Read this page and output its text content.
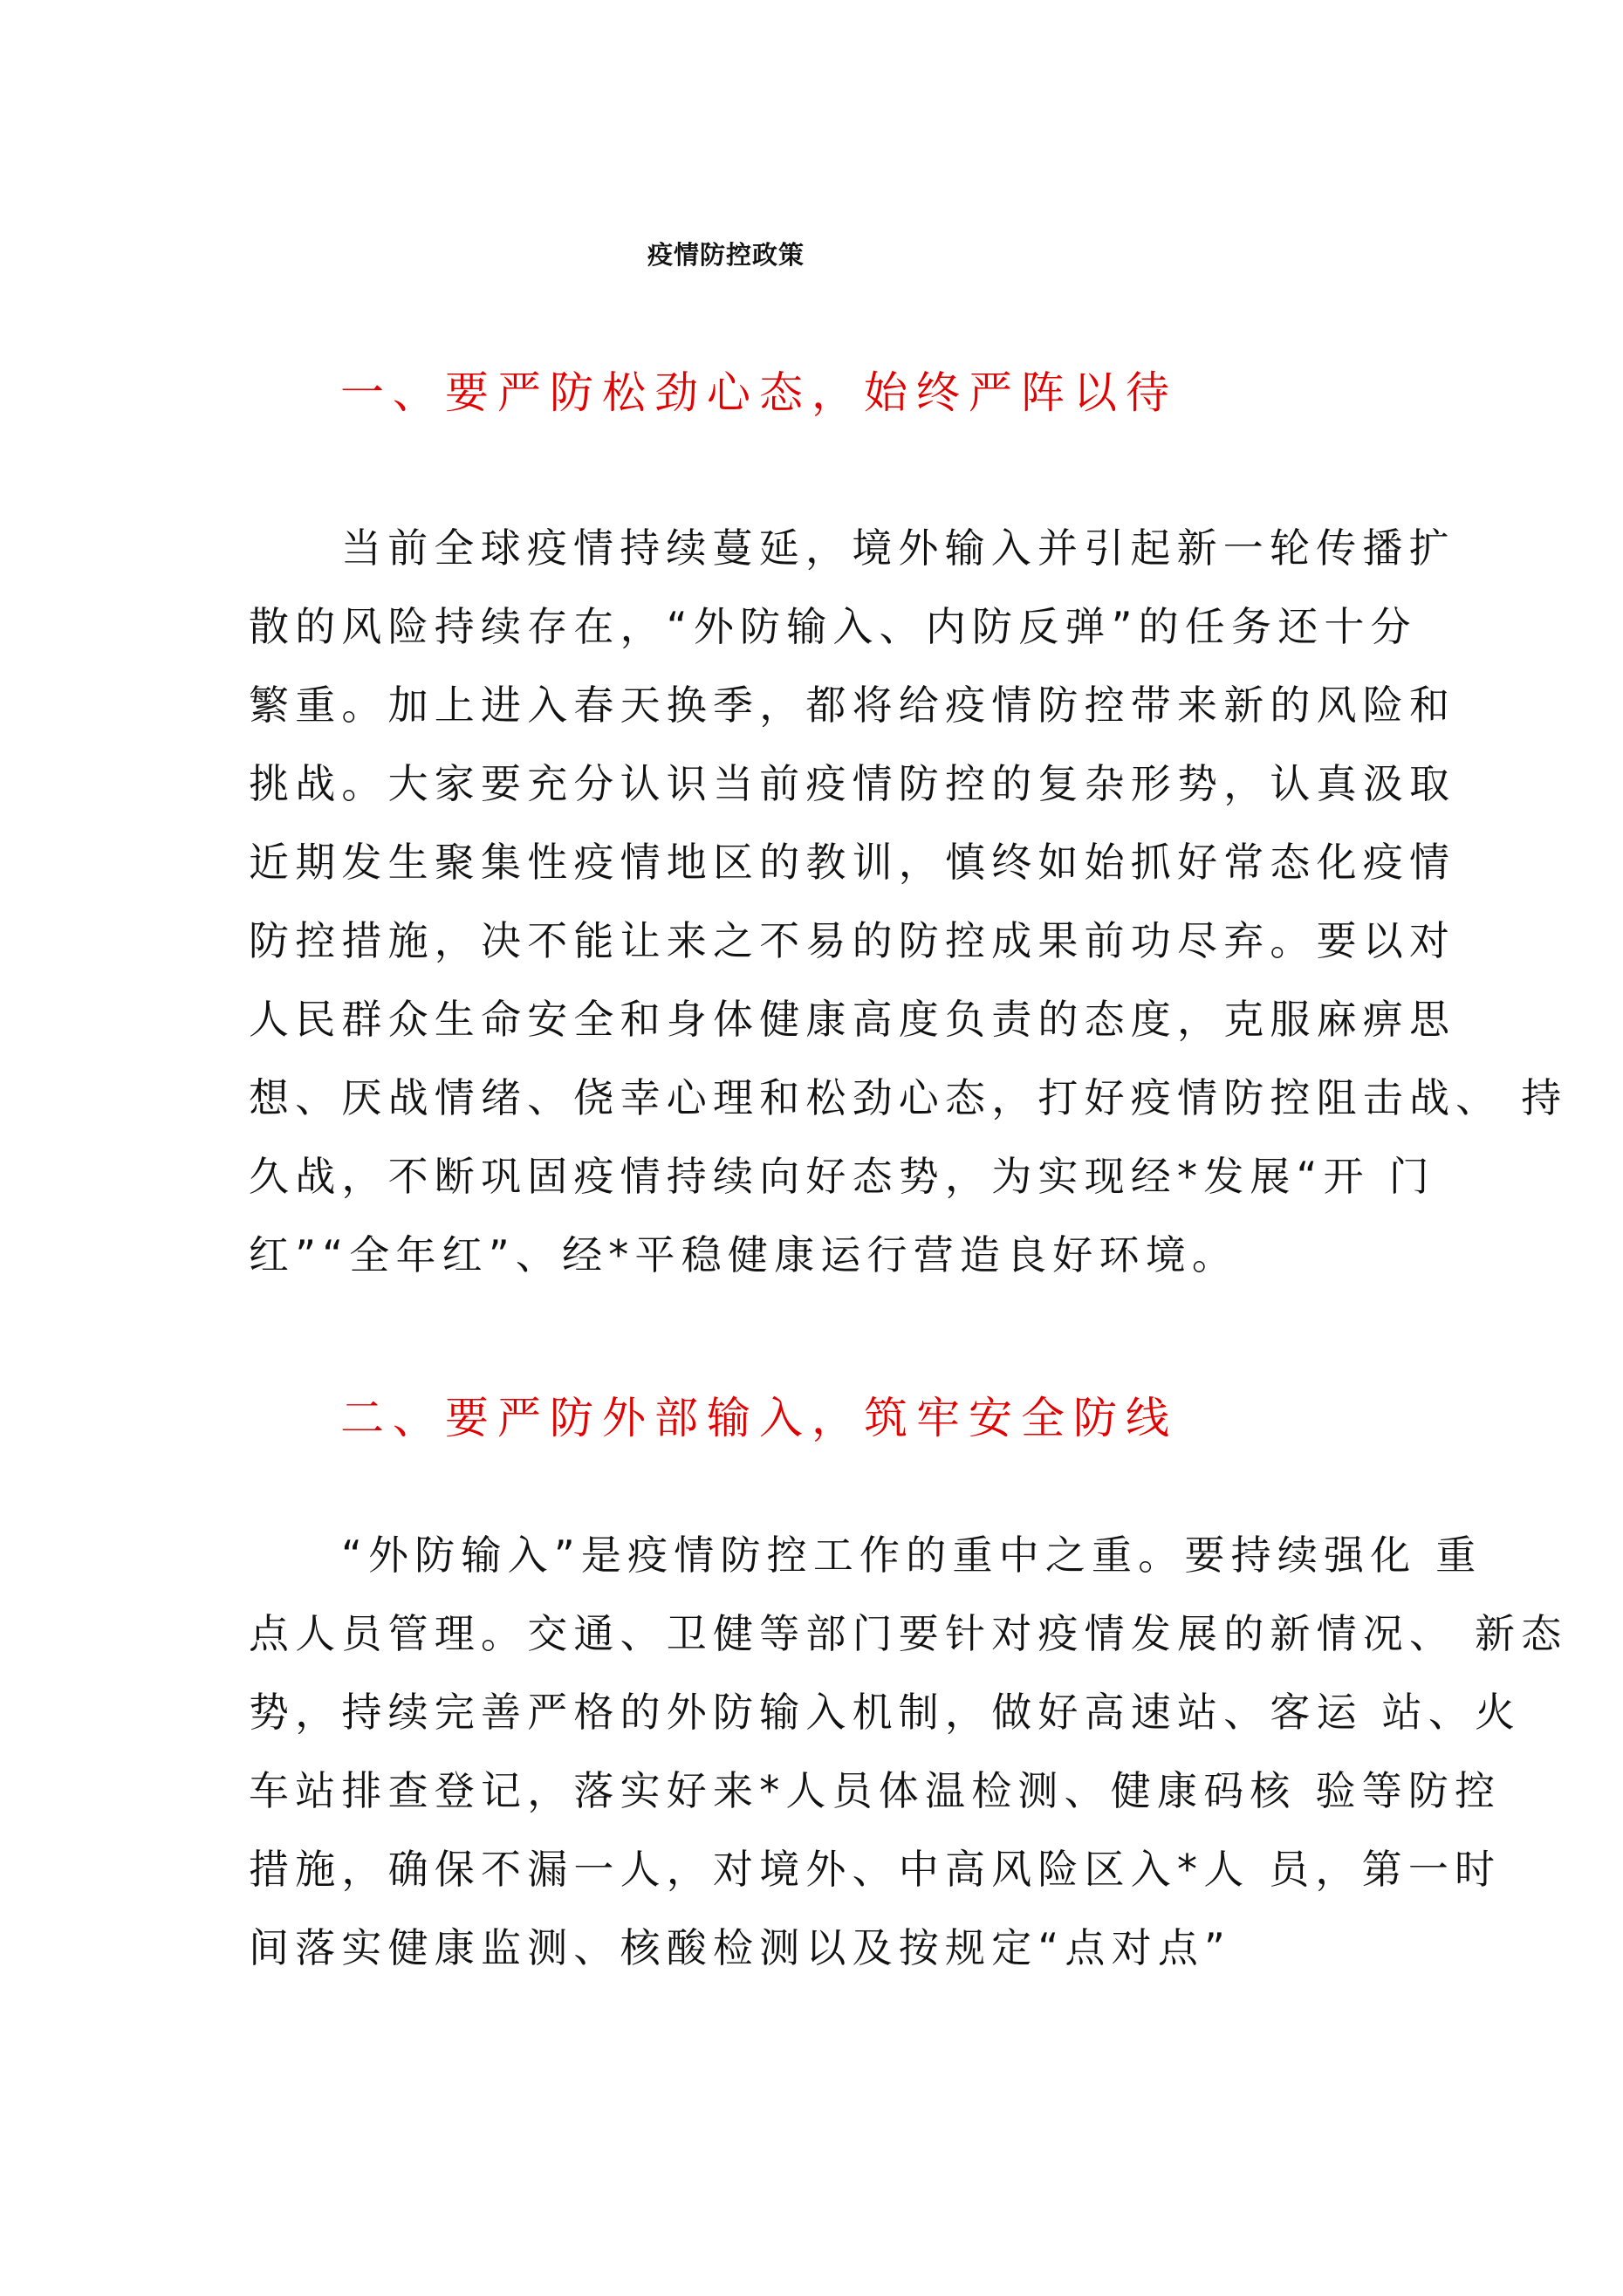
疫情防控政策
一、要严防松劲心态，始终严阵以待
当前全球疫情持续蔓延，境外输入并引起新一轮传播扩
散的风险持续存在，“外防输入、内防反弹”的任务还十分
繁重。加上进入春天换季，都将给疫情防控带来新的风险和
挑战。大家要充分认识当前疫情防控的复杂形势，认真汲取
近期发生聚集性疫情地区的教训，慎终如始抓好常态化疫情
防控措施，决不能让来之不易的防控成果前功尽弃。要以对
人民群众生命安全和身体健康高度负责的态度，克服麻痹思
想、厌战情绪、侥幸心理和松劲心态，打好疫情防控阻击战、 持
久战，不断巩固疫情持续向好态势，为实现经*发展“开 门
红”“全年红”、经*平稳健康运行营造良好环境。
二、要严防外部输入，筑牢安全防线
“外防输入”是疫情防控工作的重中之重。要持续强化 重
点人员管理。交通、卫健等部门要针对疫情发展的新情况、 新态
势，持续完善严格的外防输入机制，做好高速站、客运 站、火
车站排查登记，落实好来*人员体温检测、健康码核 验等防控
措施，确保不漏一人，对境外、中高风险区入*人 员，第一时
间落实健康监测、核酸检测以及按规定“点对点”
